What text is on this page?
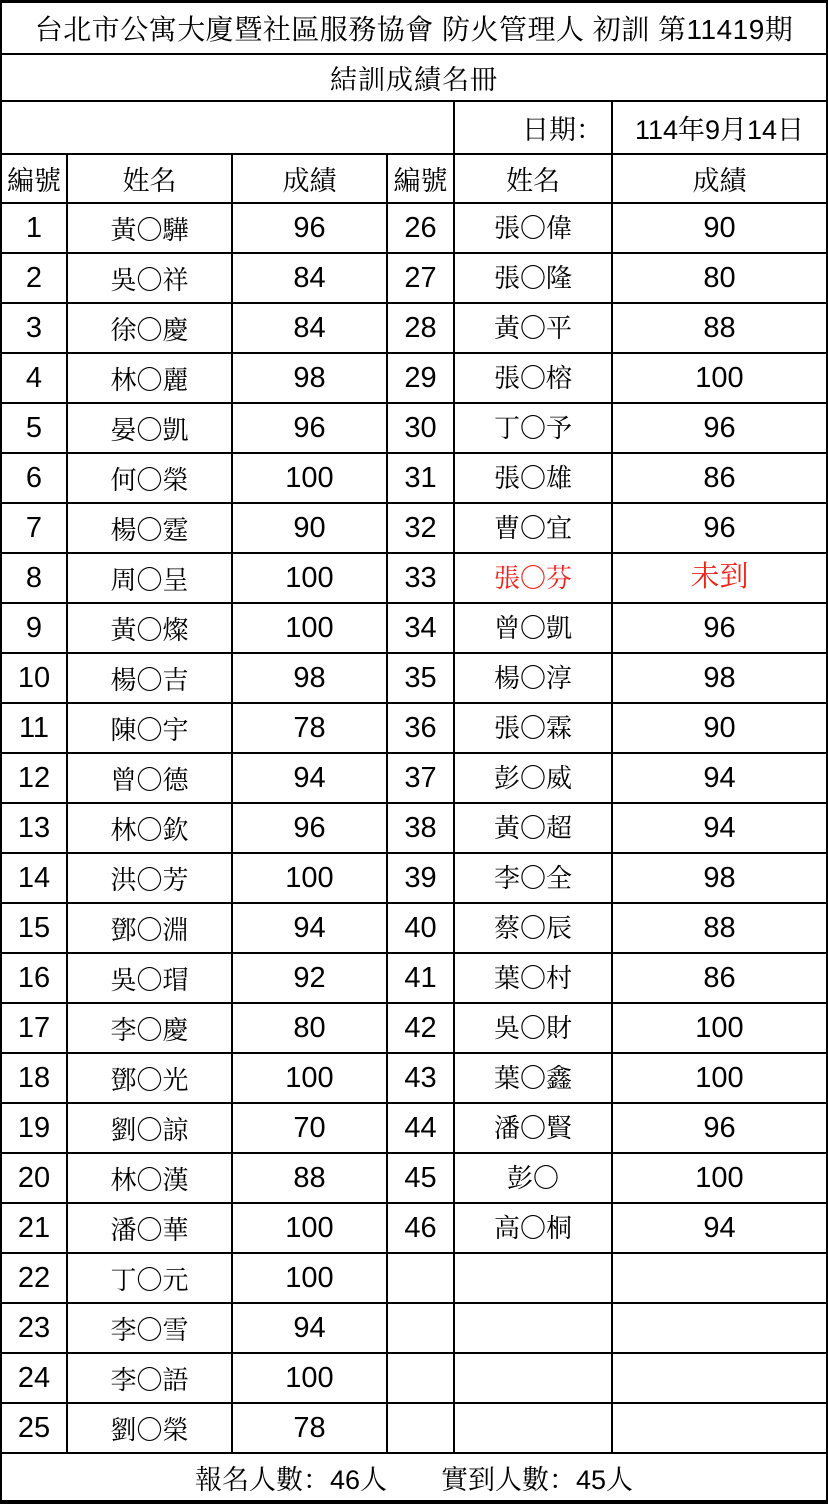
台北市公寓大廈暨社區服務協會 防火管理人 初訓 第11419期
結訓成績名冊
日期：	114年9月14日
編號	姓名	成績	編號	姓名	成績
1	黃〇驊	96	26	張〇偉	90
2	吳〇祥	84	27	張〇隆	80
3	徐〇慶	84	28	黃〇平	88
4	林〇麗	98	29	張〇榕	100
5	晏〇凱	96	30	丁〇予	96
6	何〇榮	100	31	張〇雄	86
7	楊〇霆	90	32	曹〇宜	96
8	周〇呈	100	33	張〇芬	未到
9	黃〇燦	100	34	曾〇凱	96
10	楊〇吉	98	35	楊〇淳	98
11	陳〇宇	78	36	張〇霖	90
12	曾〇德	94	37	彭〇威	94
13	林〇欽	96	38	黃〇超	94
14	洪〇芳	100	39	李〇全	98
15	鄧〇淵	94	40	蔡〇辰	88
16	吳〇瑁	92	41	葉〇村	86
17	李〇慶	80	42	吳〇財	100
18	鄧〇光	100	43	葉〇鑫	100
19	劉〇諒	70	44	潘〇賢	96
20	林〇漢	88	45	彭〇	100
21	潘〇華	100	46	高〇桐	94
22	丁〇元	100
23	李〇雪	94
24	李〇語	100
25	劉〇榮	78
報名人數：46人 實到人數：45人
